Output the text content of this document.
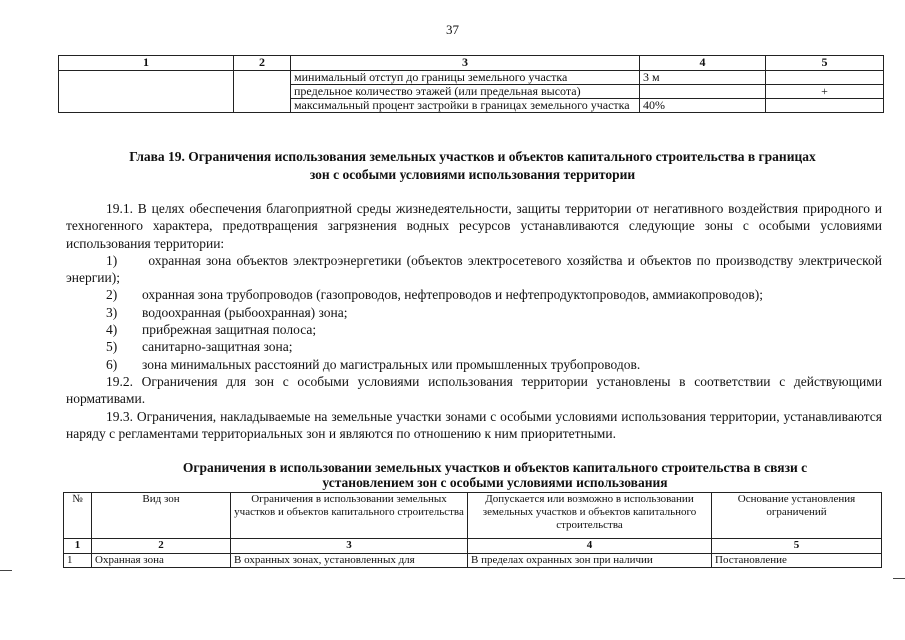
37
1	2	3	4	5
		минимальный отступ до границы земельного участка	3 м	
		предельное количество этажей (или предельная высота)		+
		максимальный процент застройки в границах земельного участка	40%	
Глава 19. Ограничения использования земельных участков и объектов капитального строительства в границах
зон с особыми условиями использования территории

19.1. В целях обеспечения благоприятной среды жизнедеятельности, защиты территории от негативного воздействия природного и техногенного характера, предотвращения загрязнения водных ресурсов устанавливаются следующие зоны с особыми условиями использования территории:

1) охранная зона объектов электроэнергетики (объектов электросетевого хозяйства и объектов по производству электрической энергии);

2)	охранная зона трубопроводов (газопроводов, нефтепроводов и нефтепродуктопроводов, аммиакопроводов);
3)	водоохранная (рыбоохранная) зона;
4)	прибрежная защитная полоса;
5)	санитарно-защитная зона;
6)	зона минимальных расстояний до магистральных или промышленных трубопроводов.

19.2. Ограничения для зон с особыми условиями использования территории установлены в соответствии с действующими нормативами.

19.3. Ограничения, накладываемые на земельные участки зонами с особыми условиями использования территории, устанавливаются наряду с регламентами территориальных зон и являются по отношению к ним приоритетными.

Ограничения в использовании земельных участков и объектов капитального строительства в связи с
установлением зон с особыми условиями использования
№	Вид зон	Ограничения в использовании земельных участков и объектов капитального строительства	Допускается или возможно в использовании земельных участков и объектов капитального строительства	Основание установления ограничений
1	2	3	4	5
1	Охранная зона	В охранных зонах, установленных для	В пределах охранных зон при наличии	Постановление
